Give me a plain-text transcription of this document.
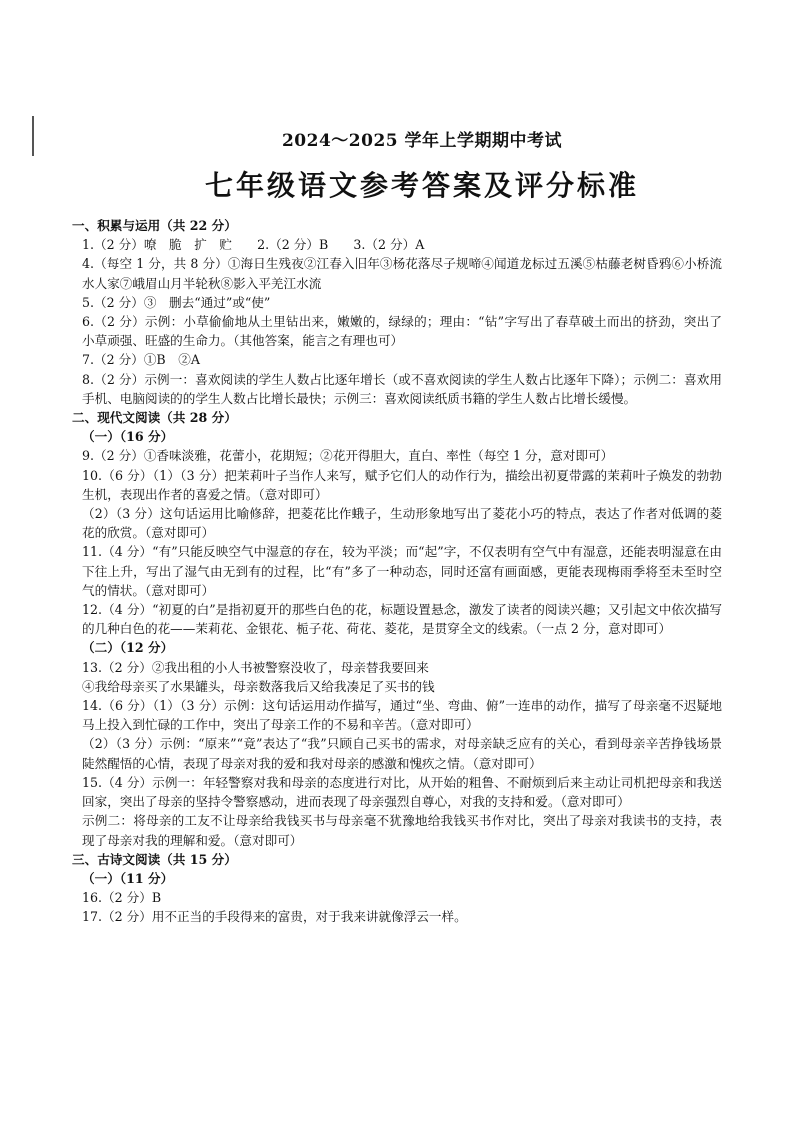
2024～2025 学年上学期期中考试
七年级语文参考答案及评分标准
一、积累与运用（共 22 分）
1.（2 分）嘹　脆　扩　贮　　2.（2 分）B　　3.（2 分）A
4.（每空 1 分，共 8 分）①海日生残夜②江春入旧年③杨花落尽子规啼④闻道龙标过五溪⑤枯藤老树昏鸦⑥小桥流水人家⑦峨眉山月半轮秋⑧影入平羌江水流
5.（2 分）③　删去“通过”或“使”
6.（2 分）示例：小草偷偷地从土里钻出来，嫩嫩的，绿绿的；理由：“钻”字写出了春草破土而出的挤劲，突出了小草顽强、旺盛的生命力。（其他答案，能言之有理也可）
7.（2 分）①B　②A
8.（2 分）示例一：喜欢阅读的学生人数占比逐年增长（或不喜欢阅读的学生人数占比逐年下降）；示例二：喜欢用手机、电脑阅读的的学生人数占比增长最快；示例三：喜欢阅读纸质书籍的学生人数占比增长缓慢。
二、现代文阅读（共 28 分）
（一）（16 分）
9.（2 分）①香味淡雅，花蕾小，花期短；②花开得胆大，直白、率性（每空 1 分，意对即可）
10.（6 分）（1）（3 分）把茉莉叶子当作人来写，赋予它们人的动作行为，描绘出初夏带露的茉莉叶子焕发的勃勃生机，表现出作者的喜爱之情。（意对即可）
（2）（3 分）这句话运用比喻修辞，把菱花比作蛾子，生动形象地写出了菱花小巧的特点，表达了作者对低调的菱花的欣赏。（意对即可）
11.（4 分）“有”只能反映空气中湿意的存在，较为平淡；而“起”字，不仅表明有空气中有湿意，还能表明湿意在由下往上升，写出了湿气由无到有的过程，比“有”多了一种动态，同时还富有画面感，更能表现梅雨季将至未至时空气的情状。（意对即可）
12.（4 分）“初夏的白”是指初夏开的那些白色的花，标题设置悬念，激发了读者的阅读兴趣；又引起文中依次描写的几种白色的花——茉莉花、金银花、栀子花、荷花、菱花，是贯穿全文的线索。（一点 2 分，意对即可）
（二）（12 分）
13.（2 分）②我出租的小人书被警察没收了，母亲替我要回来
④我给母亲买了水果罐头，母亲数落我后又给我凑足了买书的钱
14.（6 分）（1）（3 分）示例：这句话运用动作描写，通过“坐、弯曲、俯”一连串的动作，描写了母亲毫不迟疑地马上投入到忙碌的工作中，突出了母亲工作的不易和辛苦。（意对即可）
（2）（3 分）示例：“原来”“竟”表达了“我”只顾自己买书的需求，对母亲缺乏应有的关心，看到母亲辛苦挣钱场景陡然醒悟的心情，表现了母亲对我的爱和我对母亲的感激和愧疚之情。（意对即可）
15.（4 分）示例一：年轻警察对我和母亲的态度进行对比，从开始的粗鲁、不耐烦到后来主动让司机把母亲和我送回家，突出了母亲的坚持令警察感动，进而表现了母亲强烈自尊心，对我的支持和爱。（意对即可）
示例二：将母亲的工友不让母亲给我钱买书与母亲毫不犹豫地给我钱买书作对比，突出了母亲对我读书的支持，表现了母亲对我的理解和爱。（意对即可）
三、古诗文阅读（共 15 分）
（一）（11 分）
16.（2 分）B
17.（2 分）用不正当的手段得来的富贵，对于我来讲就像浮云一样。
